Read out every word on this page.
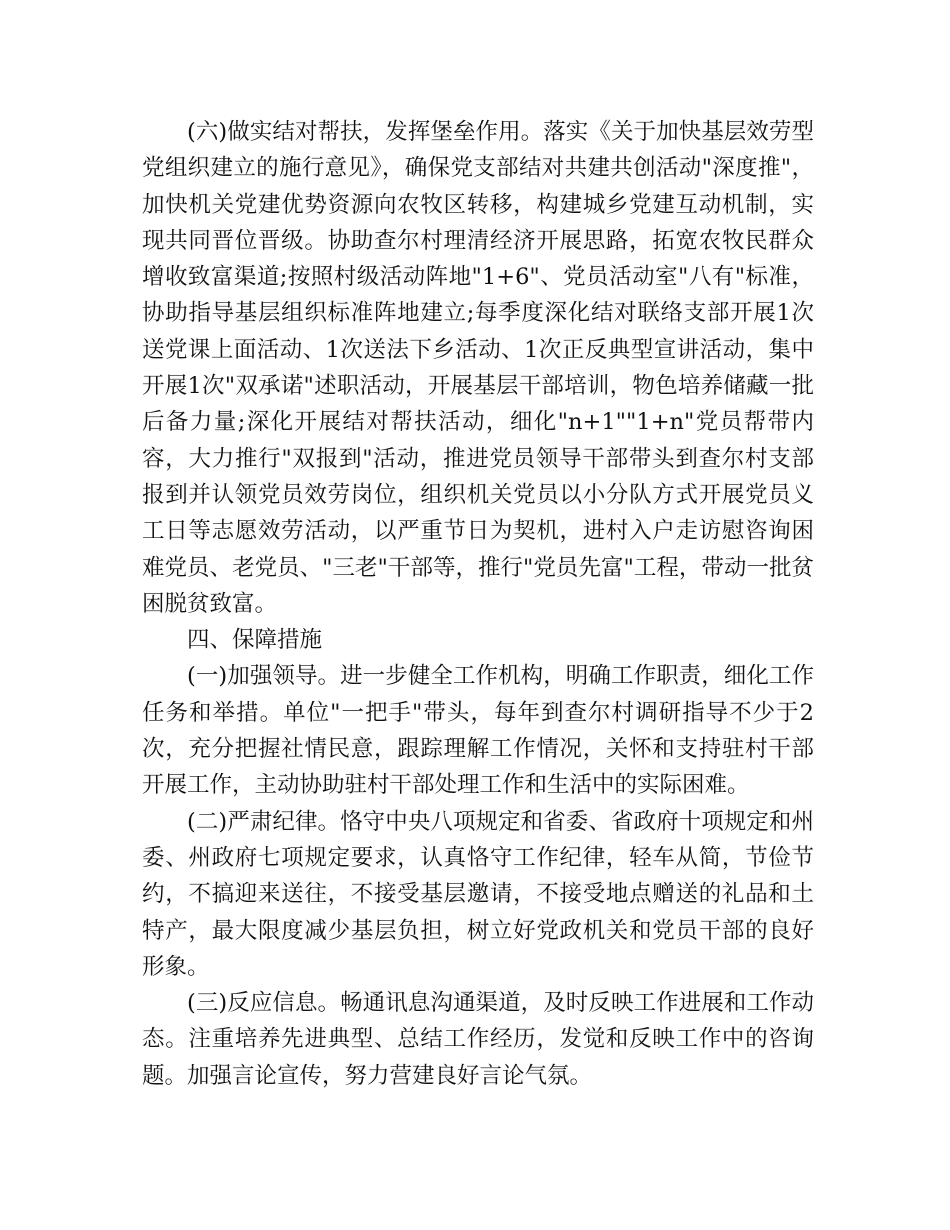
(六)做实结对帮扶，发挥堡垒作用。落实《关于加快基层效劳型党组织建立的施行意见》，确保党支部结对共建共创活动"深度推"，加快机关党建优势资源向农牧区转移，构建城乡党建互动机制，实现共同晋位晋级。协助查尔村理清经济开展思路，拓宽农牧民群众增收致富渠道;按照村级活动阵地"1+6"、党员活动室"八有"标准，协助指导基层组织标准阵地建立;每季度深化结对联络支部开展1次送党课上面活动、1次送法下乡活动、1次正反典型宣讲活动，集中开展1次"双承诺"述职活动，开展基层干部培训，物色培养储藏一批后备力量;深化开展结对帮扶活动，细化"n+1""1+n"党员帮带内容，大力推行"双报到"活动，推进党员领导干部带头到查尔村支部报到并认领党员效劳岗位，组织机关党员以小分队方式开展党员义工日等志愿效劳活动，以严重节日为契机，进村入户走访慰咨询困难党员、老党员、"三老"干部等，推行"党员先富"工程，带动一批贫困脱贫致富。

四、保障措施

(一)加强领导。进一步健全工作机构，明确工作职责，细化工作任务和举措。单位"一把手"带头，每年到查尔村调研指导不少于2次，充分把握社情民意，跟踪理解工作情况，关怀和支持驻村干部开展工作，主动协助驻村干部处理工作和生活中的实际困难。

(二)严肃纪律。恪守中央八项规定和省委、省政府十项规定和州委、州政府七项规定要求，认真恪守工作纪律，轻车从简，节俭节约，不搞迎来送往，不接受基层邀请，不接受地点赠送的礼品和土特产，最大限度减少基层负担，树立好党政机关和党员干部的良好形象。

(三)反应信息。畅通讯息沟通渠道，及时反映工作进展和工作动态。注重培养先进典型、总结工作经历，发觉和反映工作中的咨询题。加强言论宣传，努力营建良好言论气氛。
